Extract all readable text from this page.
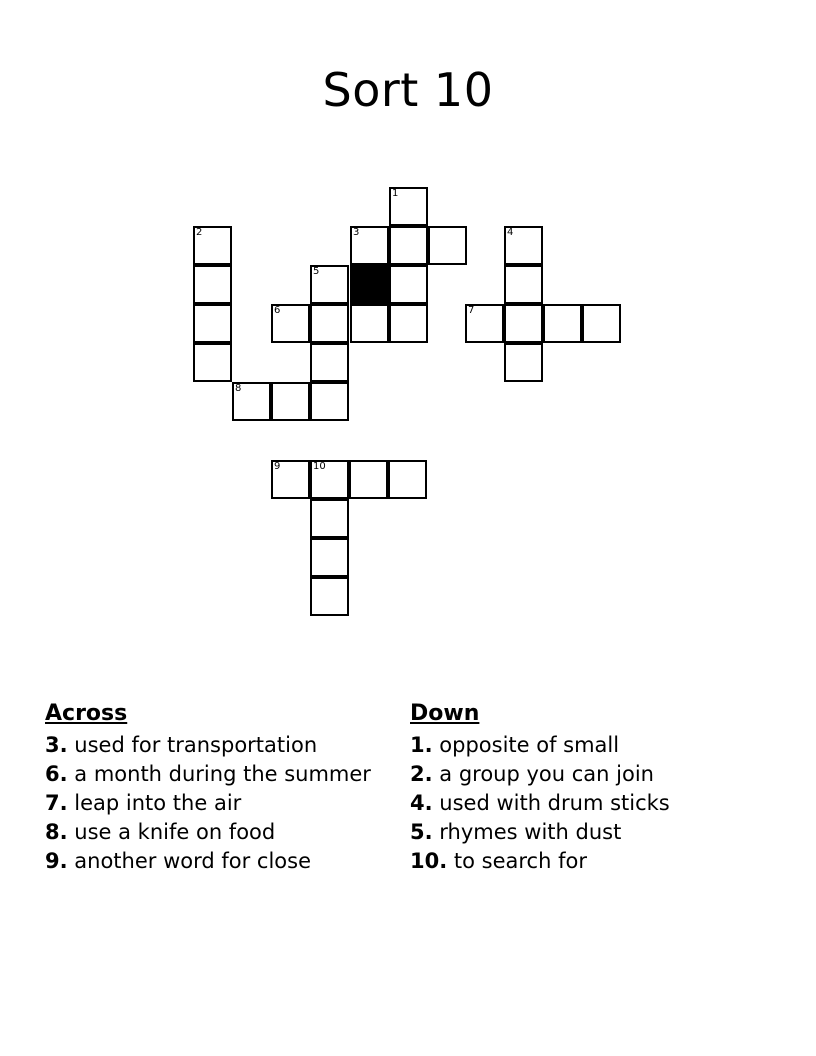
Sort 10
1
2	3
5
6
8
4
7
9	10
Across
3. used for transportation
6. a month during the summer
7. leap into the air
8. use a knife on food
9. another word for close
Down
1. opposite of small
2. a group you can join
4. used with drum sticks
5. rhymes with dust
10. to search for
